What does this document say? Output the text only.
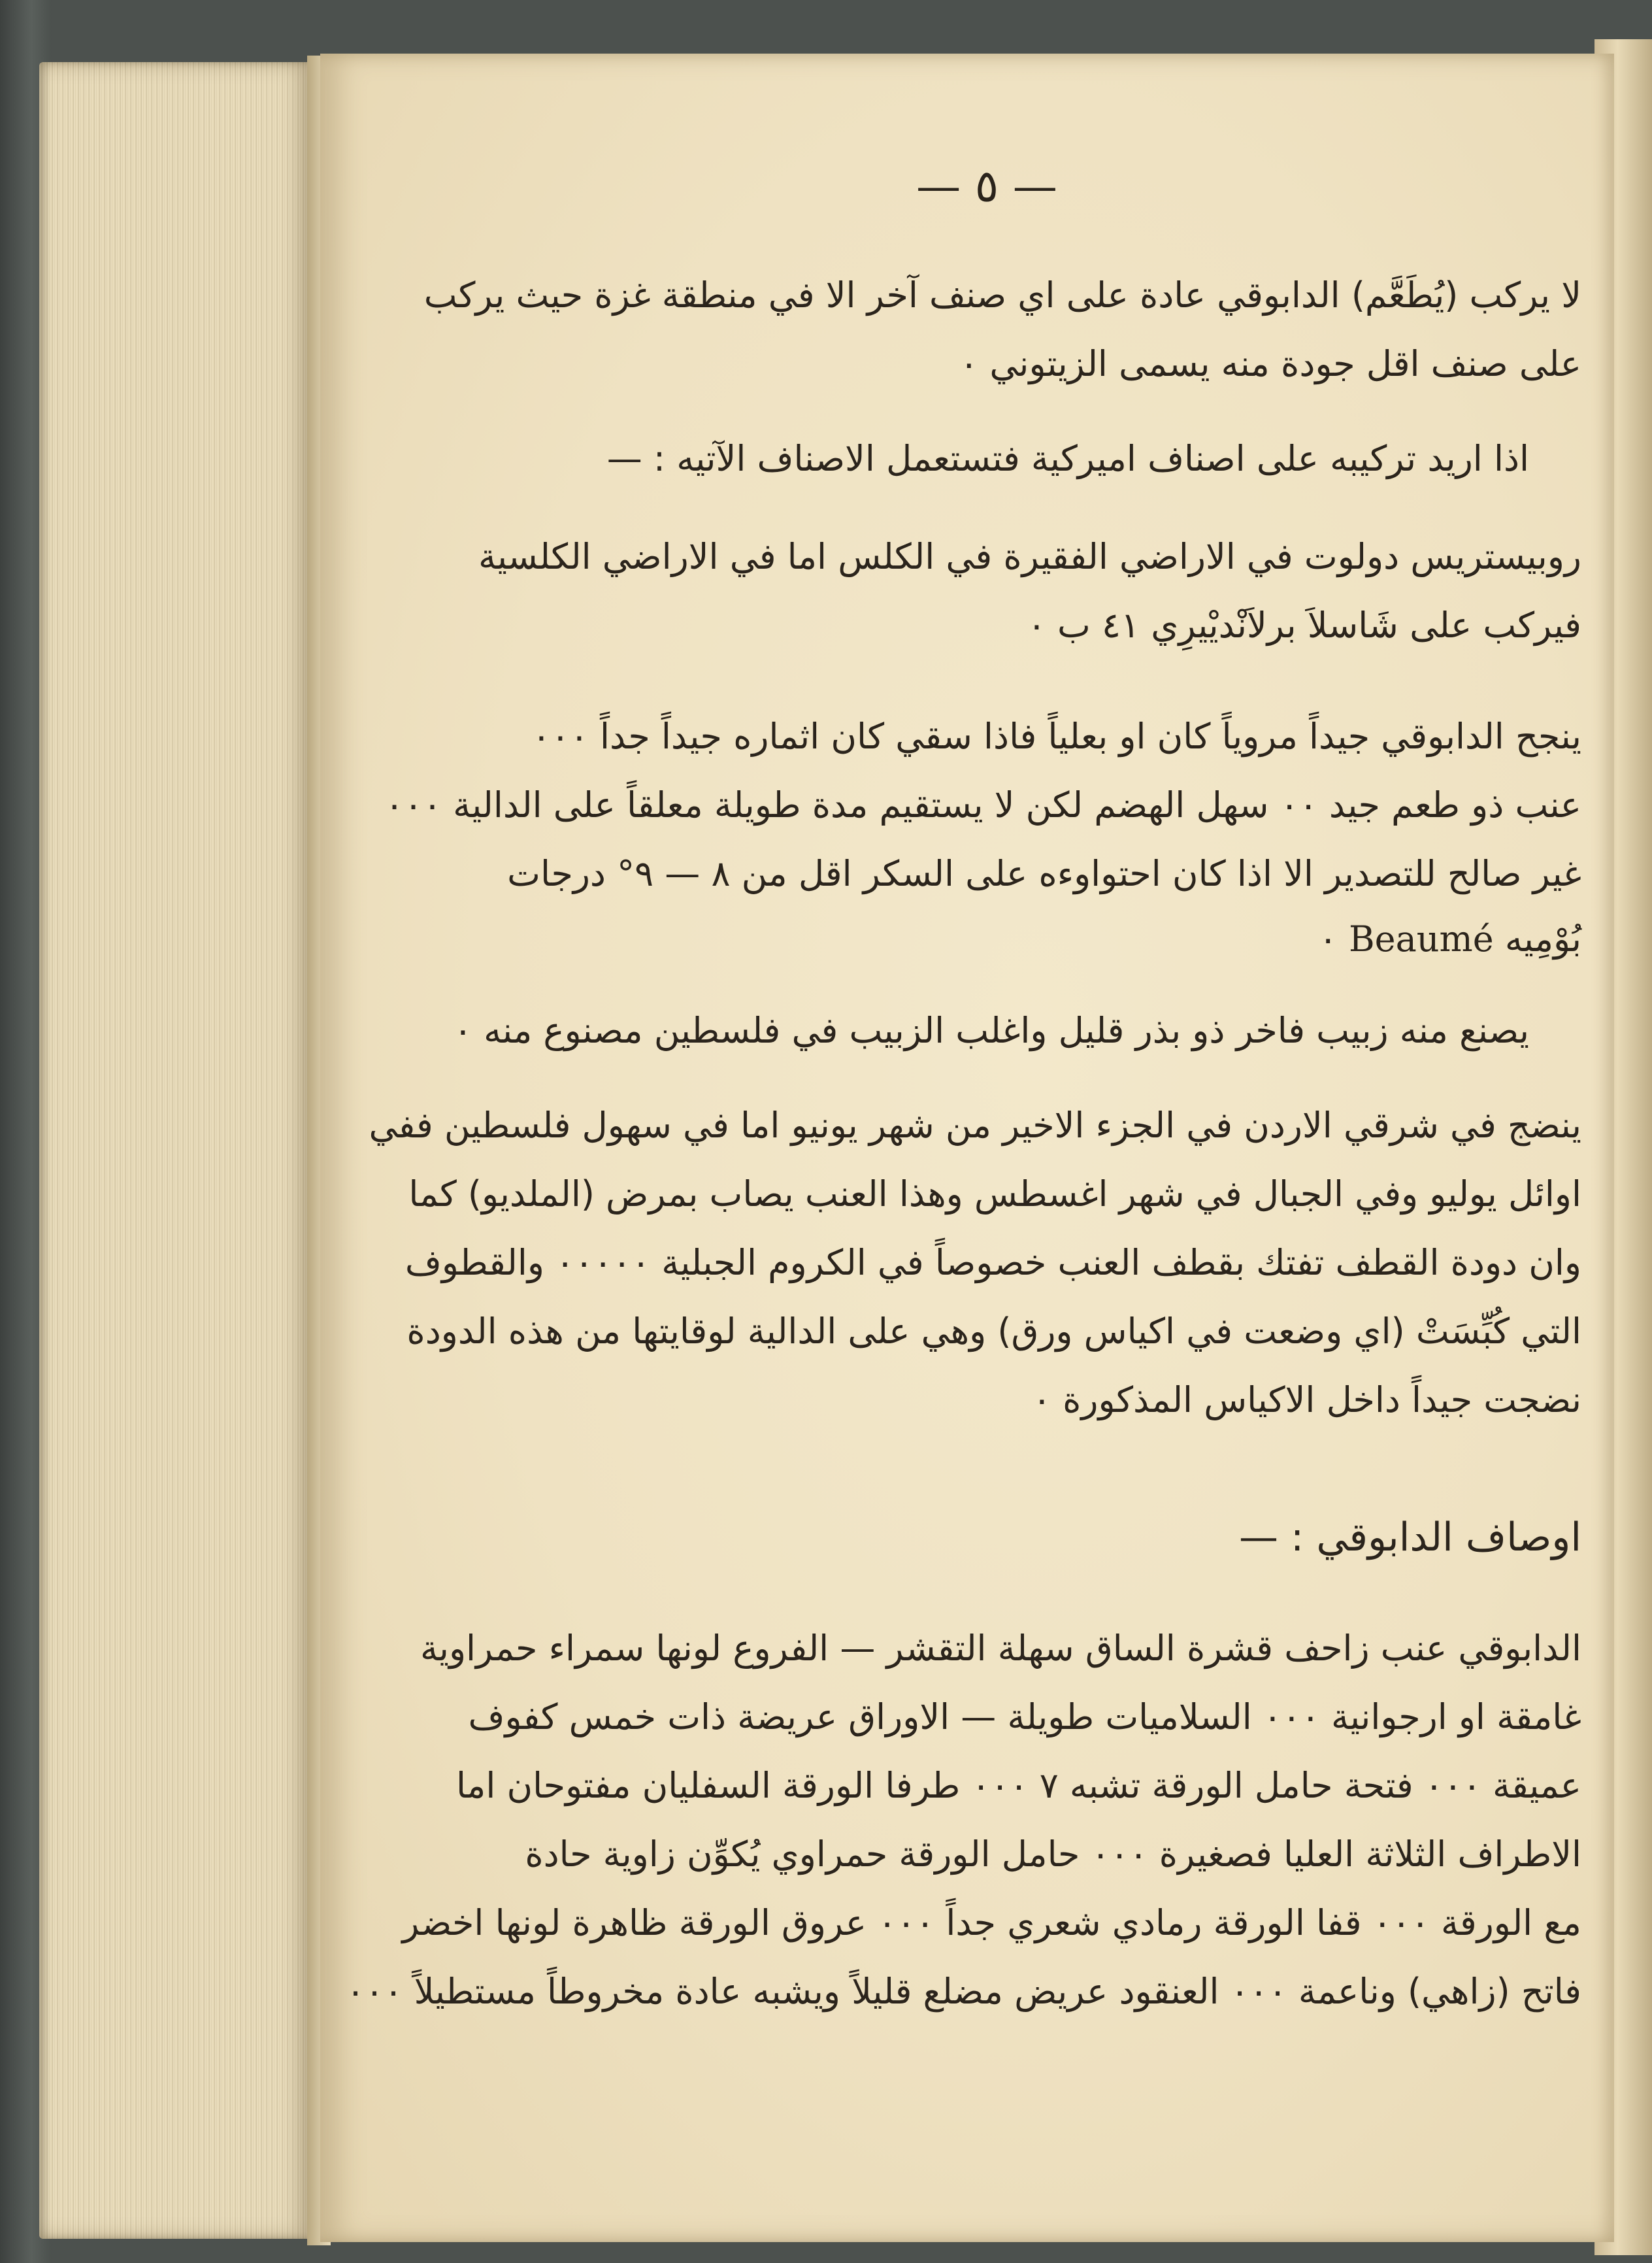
— ٥ —
لا يركب (يُطَعَّم) الدابوقي عادة على اي صنف آخر الا في منطقة غزة حيث يركب
على صنف اقل جودة منه يسمى الزيتوني ٠
اذا اريد تركيبه على اصناف اميركية فتستعمل الاصناف الآتيه : —
روبيستريس دولوت في الاراضي الفقيرة في الكلس اما في الاراضي الكلسية
فيركب على شَاسلاَ برلاَنْديْيرِي ٤١ ب ٠
ينجح الدابوقي جيداً مروياً كان او بعلياً فاذا سقي كان اثماره جيداً جداً ٠٠٠
عنب ذو طعم جيد ٠٠ سهل الهضم لكن لا يستقيم مدة طويلة معلقاً على الدالية ٠٠٠
غير صالح للتصدير الا اذا كان احتواوءه على السكر اقل من ٨ — ٩° درجات
بُوْمِيه Beaumé ٠
يصنع منه زبيب فاخر ذو بذر قليل واغلب الزبيب في فلسطين مصنوع منه ٠
ينضج في شرقي الاردن في الجزء الاخير من شهر يونيو اما في سهول فلسطين ففي
اوائل يوليو وفي الجبال في شهر اغسطس وهذا العنب يصاب بمرض (الملديو) كما
وان دودة القطف تفتك بقطف العنب خصوصاً في الكروم الجبلية ٠٠٠٠٠ والقطوف
التي كُبِّسَتْ (اي وضعت في اكياس ورق) وهي على الدالية لوقايتها من هذه الدودة
نضجت جيداً داخل الاكياس المذكورة ٠
اوصاف الدابوقي : —
الدابوقي عنب زاحف قشرة الساق سهلة التقشر — الفروع لونها سمراء حمراوية
غامقة او ارجوانية ٠٠٠ السلاميات طويلة — الاوراق عريضة ذات خمس كفوف
عميقة ٠٠٠ فتحة حامل الورقة تشبه ٧ ٠٠٠ طرفا الورقة السفليان مفتوحان اما
الاطراف الثلاثة العليا فصغيرة ٠٠٠ حامل الورقة حمراوي يُكوِّن زاوية حادة
مع الورقة ٠٠٠ قفا الورقة رمادي شعري جداً ٠٠٠ عروق الورقة ظاهرة لونها اخضر
فاتح (زاهي) وناعمة ٠٠٠ العنقود عريض مضلع قليلاً ويشبه عادة مخروطاً مستطيلاً ٠٠٠
